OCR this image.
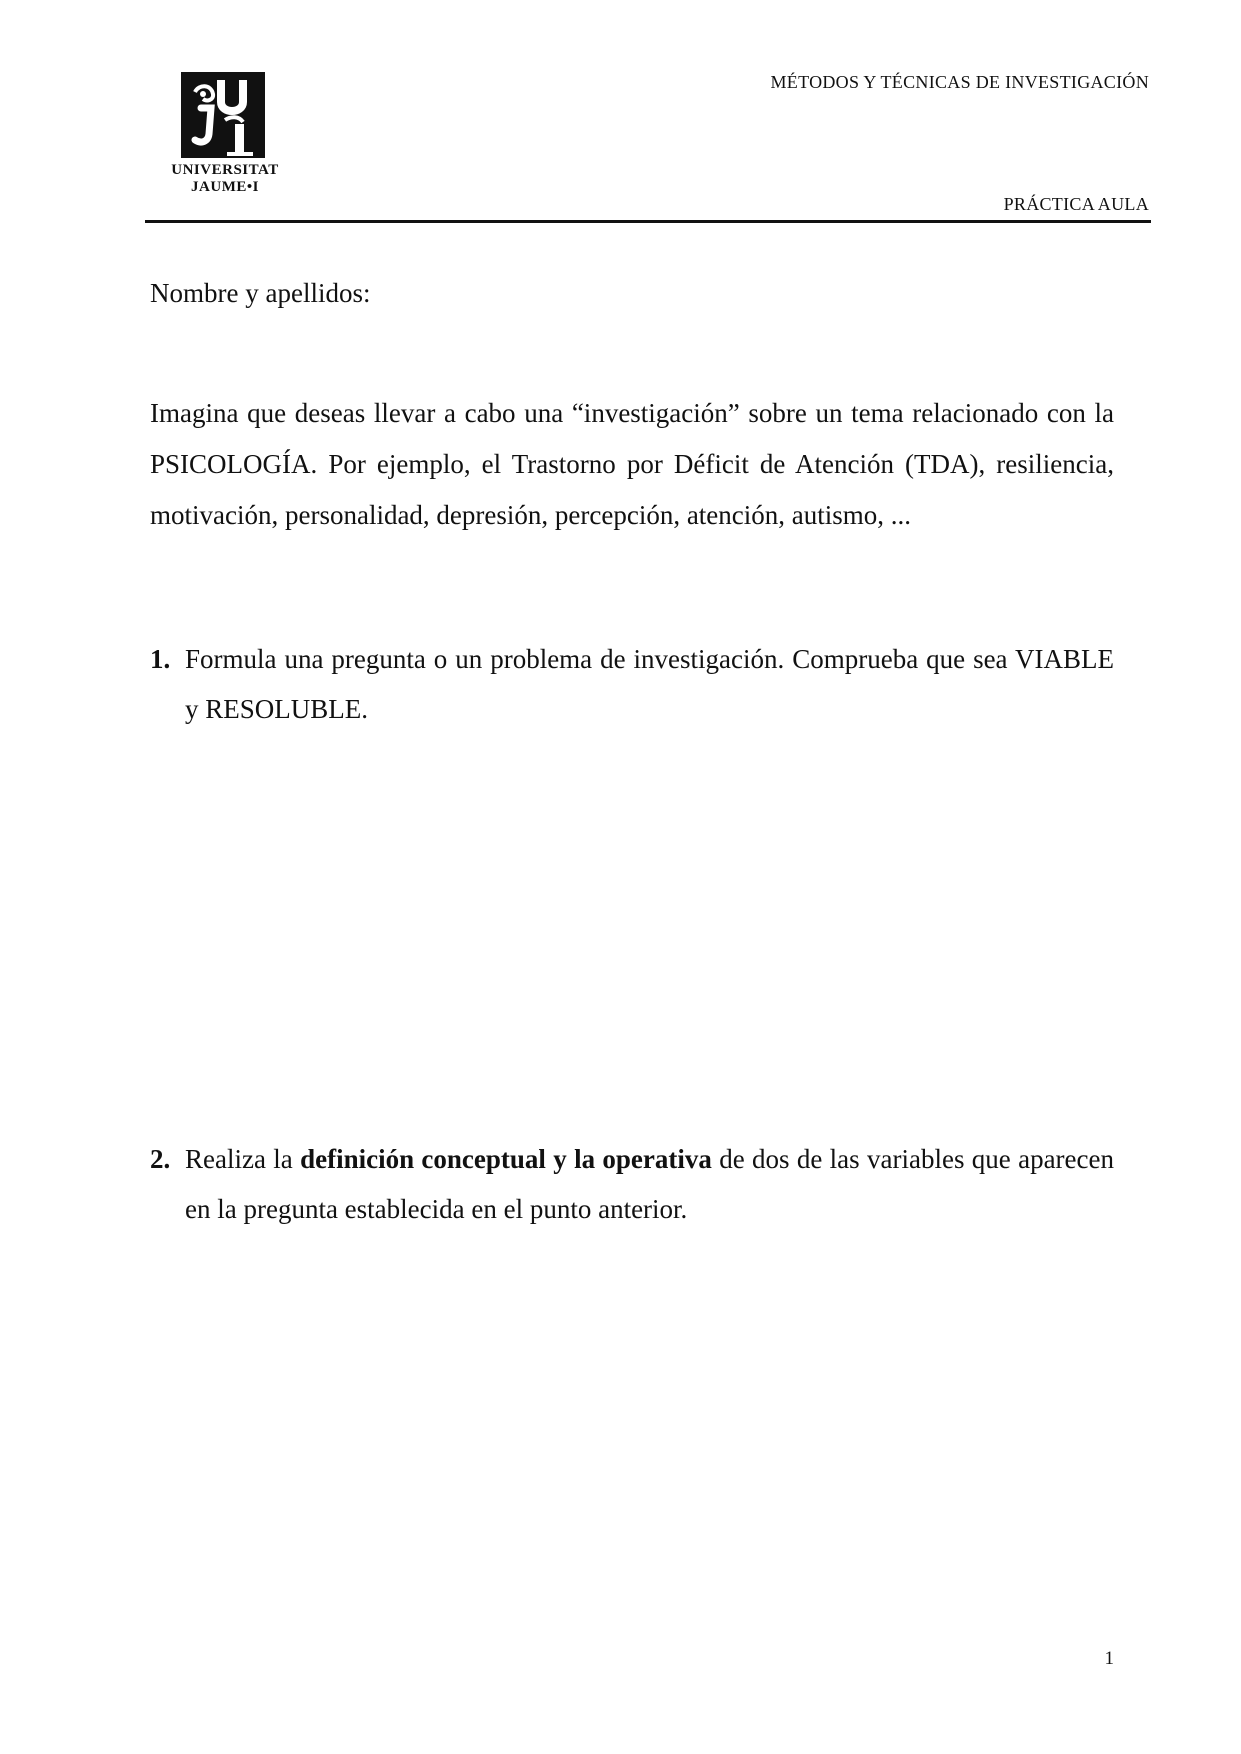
UNIVERSITAT
JAUME•I
MÉTODOS Y TÉCNICAS DE INVESTIGACIÓN
PRÁCTICA AULA
Nombre y apellidos:
Imagina que deseas llevar a cabo una “investigación” sobre un tema relacionado con la PSICOLOGÍA. Por ejemplo, el Trastorno por Déficit de Atención (TDA), resiliencia, motivación, personalidad, depresión, percepción, atención, autismo, ...
1. Formula una pregunta o un problema de investigación. Comprueba que sea VIABLE y RESOLUBLE.
2. Realiza la definición conceptual y la operativa de dos de las variables que aparecen en la pregunta establecida en el punto anterior.
1
